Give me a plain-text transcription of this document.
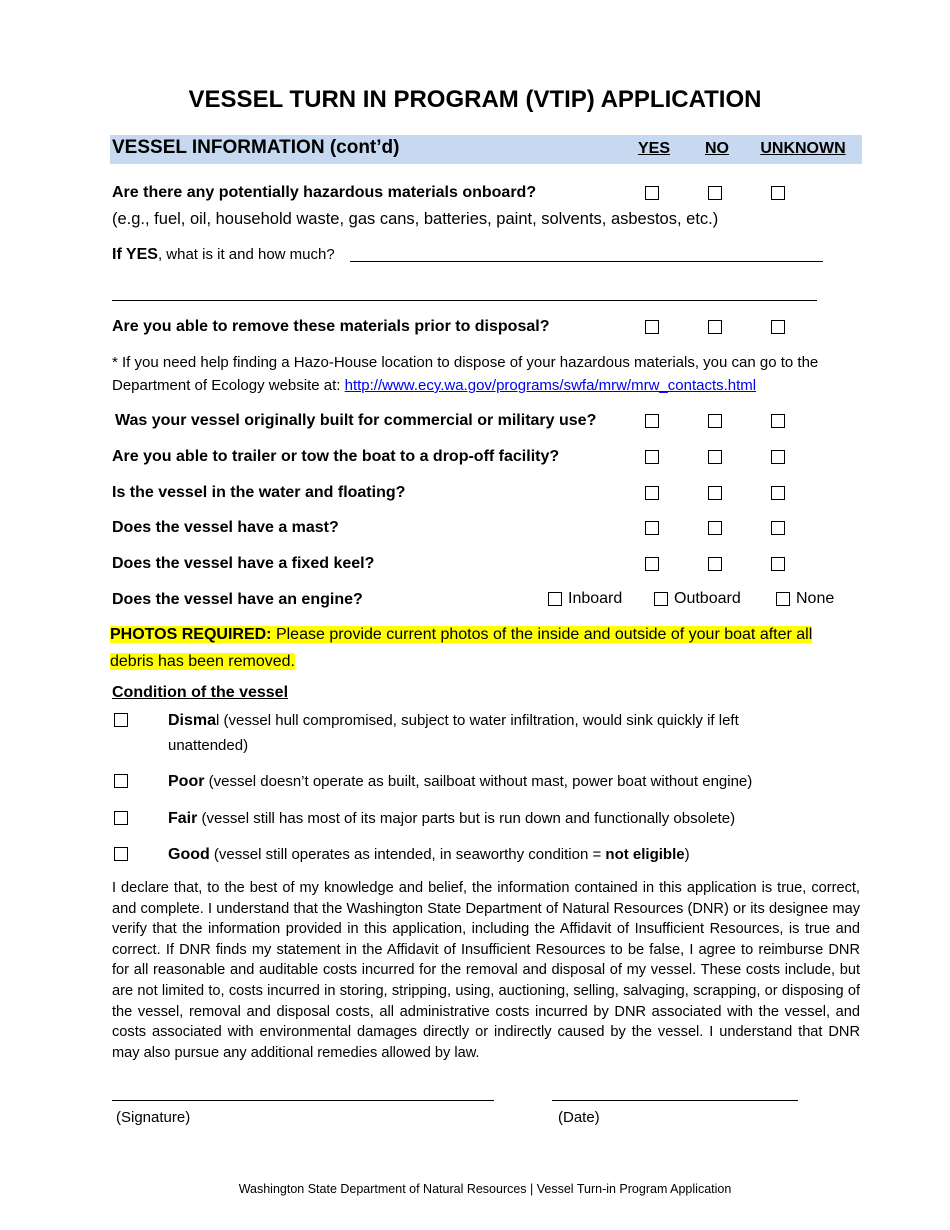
VESSEL TURN IN PROGRAM (VTIP) APPLICATION
VESSEL INFORMATION (cont’d)	YES	NO	UNKNOWN
Are there any potentially hazardous materials onboard?
(e.g., fuel, oil, household waste, gas cans, batteries, paint, solvents, asbestos, etc.)
If YES, what is it and how much?
Are you able to remove these materials prior to disposal?
* If you need help finding a Hazo-House location to dispose of your hazardous materials, you can go to the Department of Ecology website at: http://www.ecy.wa.gov/programs/swfa/mrw/mrw_contacts.html
Was your vessel originally built for commercial or military use?
Are you able to trailer or tow the boat to a drop-off facility?
Is the vessel in the water and floating?
Does the vessel have a mast?
Does the vessel have a fixed keel?
Does the vessel have an engine?	Inboard	Outboard	None
PHOTOS REQUIRED: Please provide current photos of the inside and outside of your boat after all debris has been removed.
Condition of the vessel
Dismal (vessel hull compromised, subject to water infiltration, would sink quickly if left unattended)
Poor (vessel doesn’t operate as built, sailboat without mast, power boat without engine)
Fair (vessel still has most of its major parts but is run down and functionally obsolete)
Good (vessel still operates as intended, in seaworthy condition = not eligible)
I declare that, to the best of my knowledge and belief, the information contained in this application is true, correct, and complete. I understand that the Washington State Department of Natural Resources (DNR) or its designee may verify that the information provided in this application, including the Affidavit of Insufficient Resources, is true and correct. If DNR finds my statement in the Affidavit of Insufficient Resources to be false, I agree to reimburse DNR for all reasonable and auditable costs incurred for the removal and disposal of my vessel. These costs include, but are not limited to, costs incurred in storing, stripping, using, auctioning, selling, salvaging, scrapping, or disposing of the vessel, removal and disposal costs, all administrative costs incurred by DNR associated with the vessel, and costs associated with environmental damages directly or indirectly caused by the vessel. I understand that DNR may also pursue any additional remedies allowed by law.
(Signature)	(Date)
Washington State Department of Natural Resources | Vessel Turn-in Program Application
